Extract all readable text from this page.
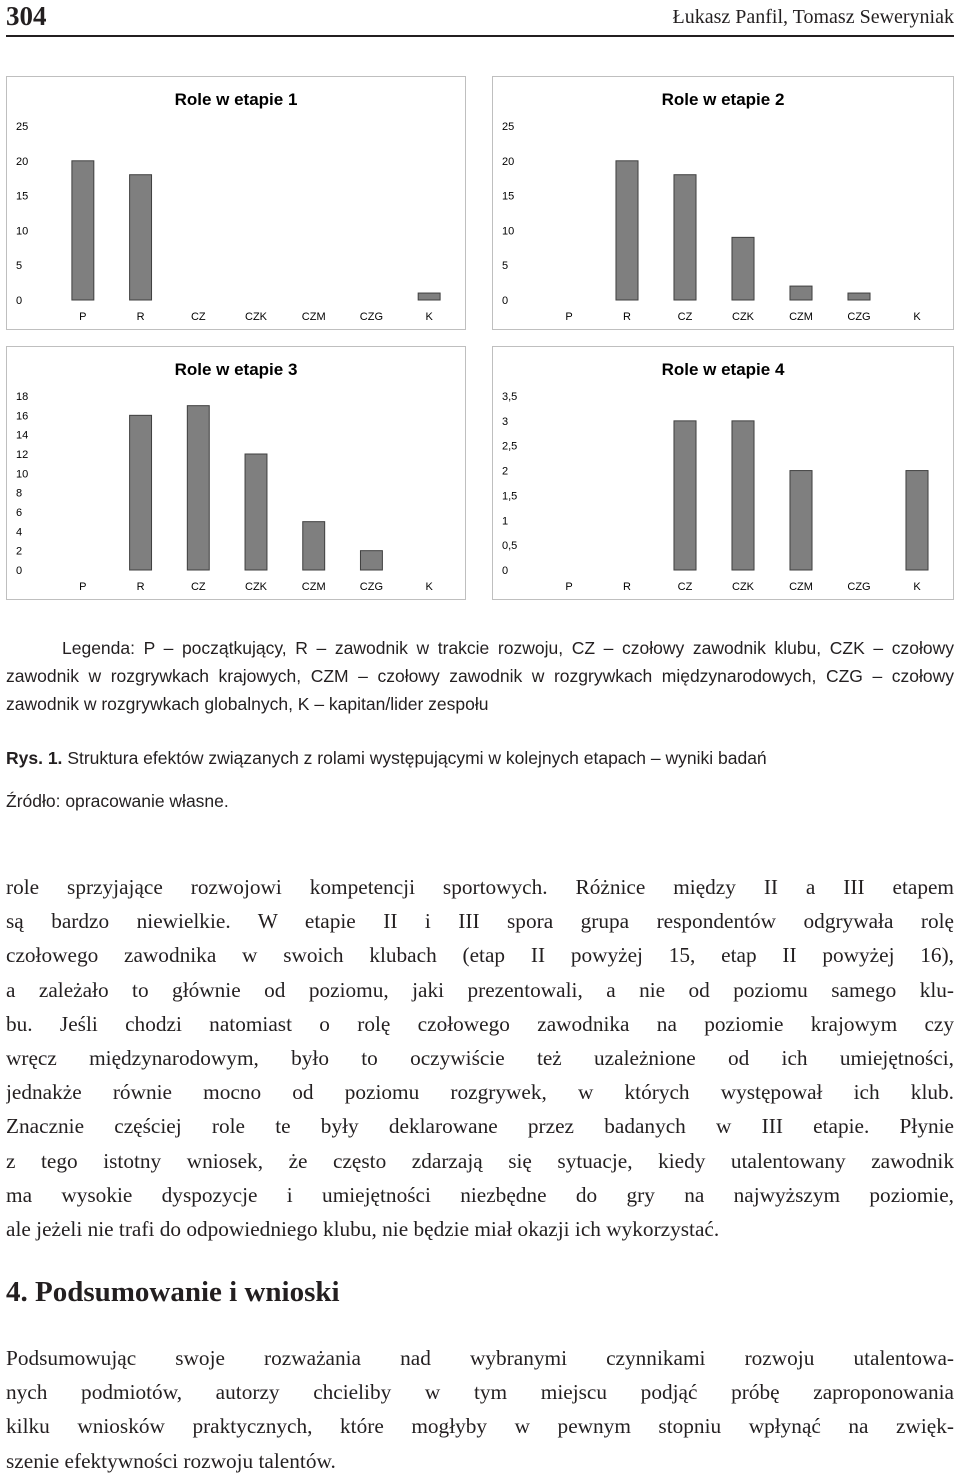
304	Łukasz Panfil, Tomasz Seweryniak
Role w etapie 1
0
5
10
15
20
25
P	R	CZ	CZK	CZM	CZG	K
Role w etapie 2
0
5
10
15
20
25
P	R	CZ	CZK	CZM	CZG	K
Role w etapie 3
0
2
4
6
8
10
12
14
16
18
P	R	CZ	CZK	CZM	CZG	K
Role w etapie 4
0
0,5
1
1,5
2
2,5
3
3,5
P	R	CZ	CZK	CZM	CZG	K

Legenda: P – początkujący, R – zawodnik w trakcie rozwoju, CZ – czołowy zawodnik klubu, CZK – czołowy zawodnik w rozgrywkach krajowych, CZM – czołowy zawodnik w rozgrywkach międzynarodowych, CZG – czołowy zawodnik w rozgrywkach globalnych, K – kapitan/lider zespołu

Rys. 1. Struktura efektów związanych z rolami występującymi w kolejnych etapach – wyniki badań
Źródło: opracowanie własne.
role sprzyjające rozwojowi kompetencji sportowych. Różnice między II a III etapem
są bardzo niewielkie. W etapie II i III spora grupa respondentów odgrywała rolę
czołowego zawodnika w swoich klubach (etap II powyżej 15, etap II powyżej 16),
a zależało to głównie od poziomu, jaki prezentowali, a nie od poziomu samego klu-
bu. Jeśli chodzi natomiast o rolę czołowego zawodnika na poziomie krajowym czy
wręcz międzynarodowym, było to oczywiście też uzależnione od ich umiejętności,
jednakże równie mocno od poziomu rozgrywek, w których występował ich klub.
Znacznie częściej role te były deklarowane przez badanych w III etapie. Płynie
z tego istotny wniosek, że często zdarzają się sytuacje, kiedy utalentowany zawodnik
ma wysokie dyspozycje i umiejętności niezbędne do gry na najwyższym poziomie,
ale jeżeli nie trafi do odpowiedniego klubu, nie będzie miał okazji ich wykorzystać.
4. Podsumowanie i wnioski
Podsumowując swoje rozważania nad wybranymi czynnikami rozwoju utalentowa-
nych podmiotów, autorzy chcieliby w tym miejscu podjąć próbę zaproponowania
kilku wniosków praktycznych, które mogłyby w pewnym stopniu wpłynąć na zwięk-
szenie efektywności rozwoju talentów.
